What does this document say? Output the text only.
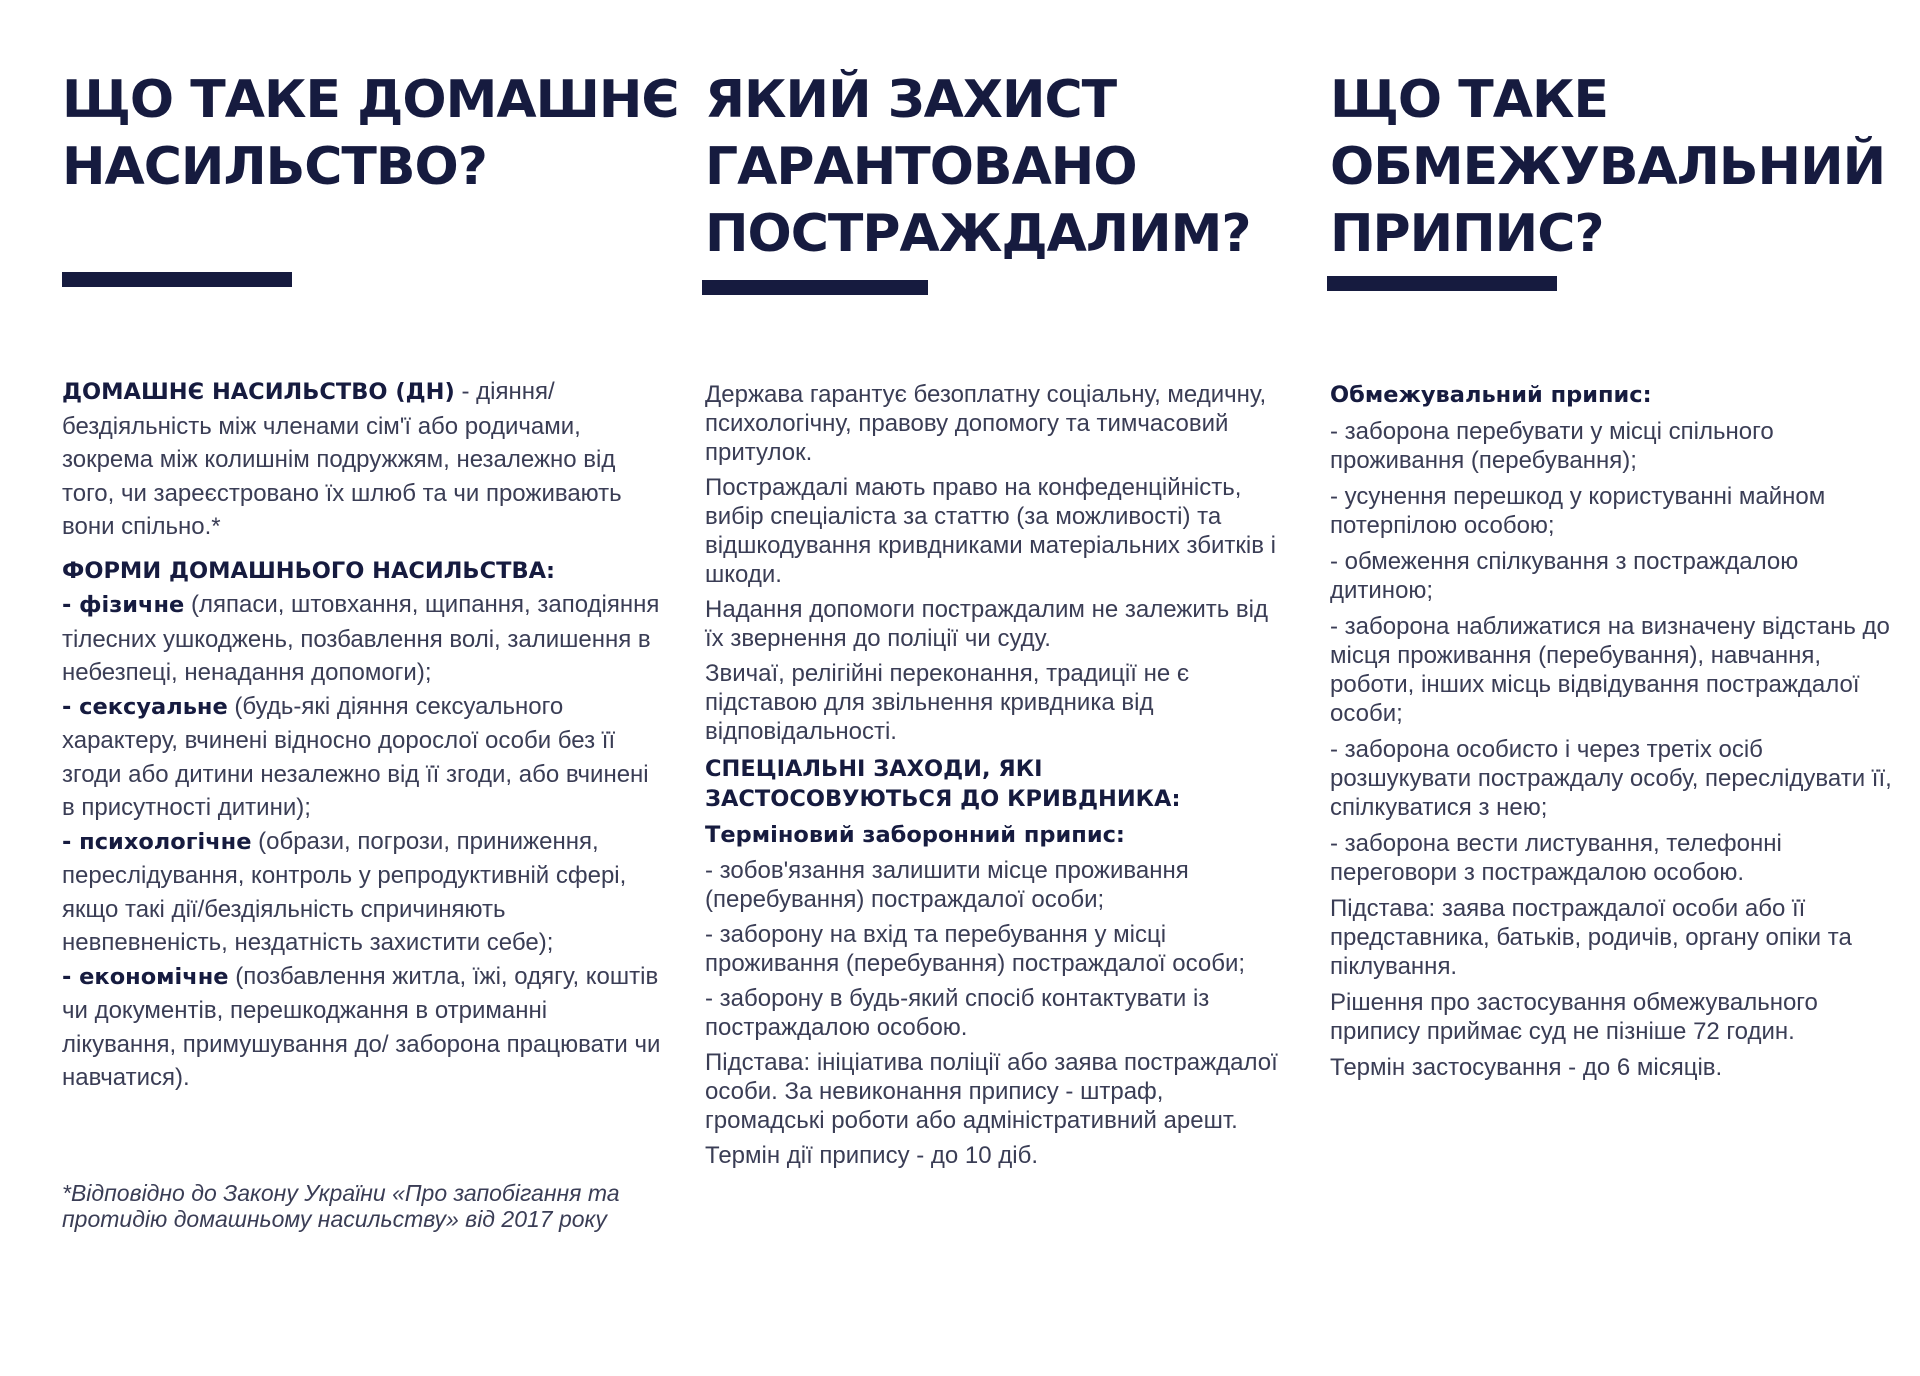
ЩО ТАКЕ ДОМАШНЄ
НАСИЛЬСТВО?

ДОМАШНЄ НАСИЛЬСТВО (ДН) - діяння/бездіяльність між членами сім'ї або родичами, зокрема між колишнім подружжям, незалежно від того, чи зареєстровано їх шлюб та чи проживають вони спільно.*

ФОРМИ ДОМАШНЬОГО НАСИЛЬСТВА:

- фізичне (ляпаси, штовхання, щипання, заподіяння тілесних ушкоджень, позбавлення волі, залишення в небезпеці, ненадання допомоги);

- сексуальне (будь-які діяння сексуального характеру, вчинені відносно дорослої особи без її згоди або дитини незалежно від її згоди, або вчинені в присутності дитини);

- психологічне (образи, погрози, приниження, переслідування, контроль у репродуктивній сфері, якщо такі дії/бездіяльність спричиняють невпевненість, нездатність захистити себе);

- економічне (позбавлення житла, їжі, одягу, коштів чи документів, перешкоджання в отриманні лікування, примушування до/ заборона працювати чи навчатися).

*Відповідно до Закону України «Про запобігання та протидію домашньому насильству» від 2017 року
ЯКИЙ ЗАХИСТ
ГАРАНТОВАНО
ПОСТРАЖДАЛИМ?

Держава гарантує безоплатну соціальну, медичну, психологічну, правову допомогу та тимчасовий притулок.

Постраждалі мають право на конфеденційність, вибір спеціаліста за статтю (за можливості) та відшкодування кривдниками матеріальних збитків і шкоди.

Надання допомоги постраждалим не залежить від їх звернення до поліції чи суду.

Звичаї, релігійні переконання, традиції не є підставою для звільнення кривдника від відповідальності.

СПЕЦІАЛЬНІ ЗАХОДИ, ЯКІ ЗАСТОСОВУЮТЬСЯ ДО КРИВДНИКА:

Терміновий заборонний припис:

- зобов'язання залишити місце проживання (перебування) постраждалої особи;

- заборону на вхід та перебування у місці проживання (перебування) постраждалої особи;

- заборону в будь-який спосіб контактувати із постраждалою особою.

Підстава: ініціатива поліції або заява постраждалої особи. За невиконання припису - штраф, громадські роботи або адміністративний арешт.

Термін дії припису - до 10 діб.

ЩО ТАКЕ
ОБМЕЖУВАЛЬНИЙ
ПРИПИС?

Обмежувальний припис:

- заборона перебувати у місці спільного проживання (перебування);

- усунення перешкод у користуванні майном потерпілою особою;

- обмеження спілкування з постраждалою дитиною;

- заборона наближатися на визначену відстань до місця проживання (перебування), навчання, роботи, інших місць відвідування постраждалої особи;

- заборона особисто і через третіх осіб розшукувати постраждалу особу, переслідувати її, спілкуватися з нею;

- заборона вести листування, телефонні переговори з постраждалою особою.

Підстава: заява постраждалої особи або її представника, батьків, родичів, органу опіки та піклування.

Рішення про застосування обмежувального припису приймає суд не пізніше 72 годин.

Термін застосування - до 6 місяців.
